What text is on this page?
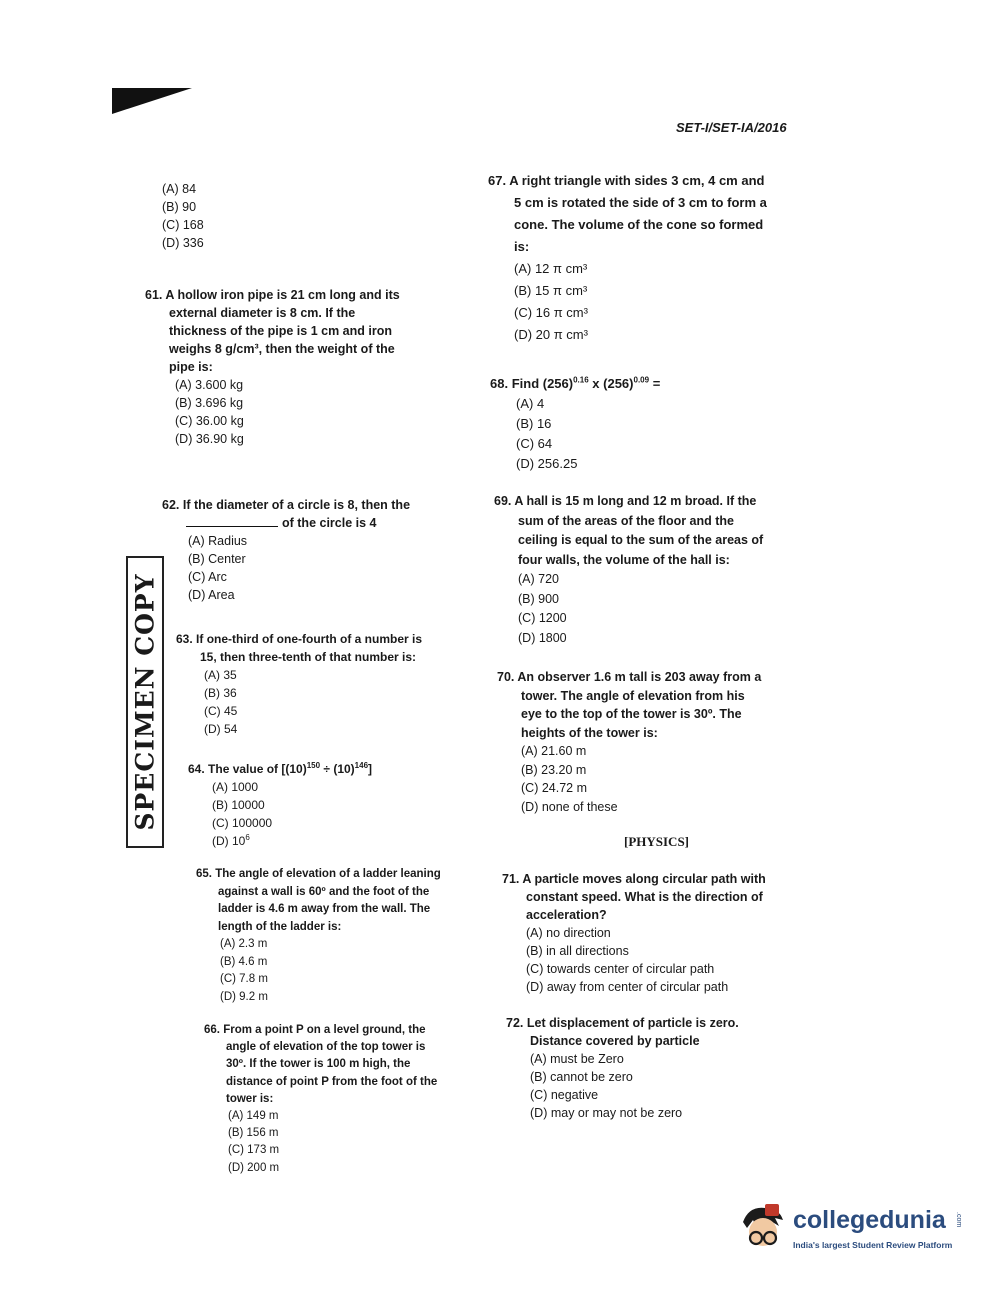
SET-I/SET-IA/2016
(A) 84
(B) 90
(C) 168
(D) 336
61. A hollow iron pipe is 21 cm long and its
external diameter is 8 cm. If the
thickness of the pipe is 1 cm and iron
weighs 8 g/cm³, then the weight of the
pipe is:
(A) 3.600 kg
(B) 3.696 kg
(C) 36.00 kg
(D) 36.90 kg
62. If the diameter of a circle is 8, then the
of the circle is 4
(A) Radius
(B) Center
(C) Arc
(D) Area
SPECIMEN COPY 63. If one-third of one-fourth of a number is
15, then three-tenth of that number is:
(A) 35
(B) 36
(C) 45
(D) 54
64. The value of $[(10)^{150} \div (10)^{146}]$
(A) 1000
(B) 10000
(C) 100000
(D) $10^6$
65. The angle of elevation of a ladder leaning
against a wall is 60º and the foot of the
ladder is 4.6 m away from the wall. The
length of the ladder is:
(A) 2.3 m
(B) 4.6 m
(C) 7.8 m
(D) 9.2 m
66. From a point P on a level ground, the
angle of elevation of the top tower is
30º. If the tower is 100 m high, the
distance of point P from the foot of the
tower is:
(A) 149 m
(B) 156 m
(C) 173 m
(D) 200 m
67. A right triangle with sides 3 cm, 4 cm and
5 cm is rotated the side of 3 cm to form a
cone. The volume of the cone so formed
is:
(A) 12 π cm³
(B) 15 π cm³
(C) 16 π cm³
(D) 20 π cm³
68. Find $(256)^{0.16}$ x $(256)^{0.09}$ =
(A) 4
(B) 16
(C) 64
(D) 256.25
69. A hall is 15 m long and 12 m broad. If the
sum of the areas of the floor and the
ceiling is equal to the sum of the areas of
four walls, the volume of the hall is:
(A) 720
(B) 900
(C) 1200
(D) 1800
70. An observer 1.6 m tall is 203 away from a
tower. The angle of elevation from his
eye to the top of the tower is 30º. The
heights of the tower is:
(A) 21.60 m
(B) 23.20 m
(C) 24.72 m
(D) none of these
[PHYSICS]
71. A particle moves along circular path with
constant speed. What is the direction of
acceleration?
(A) no direction
(B) in all directions
(C) towards center of circular path
(D) away from center of circular path
72. Let displacement of particle is zero.
Distance covered by particle
(A) must be Zero
(B) cannot be zero
(C) negative
(D) may or may not be zero
collegedunia .com
India's largest Student Review Platform
